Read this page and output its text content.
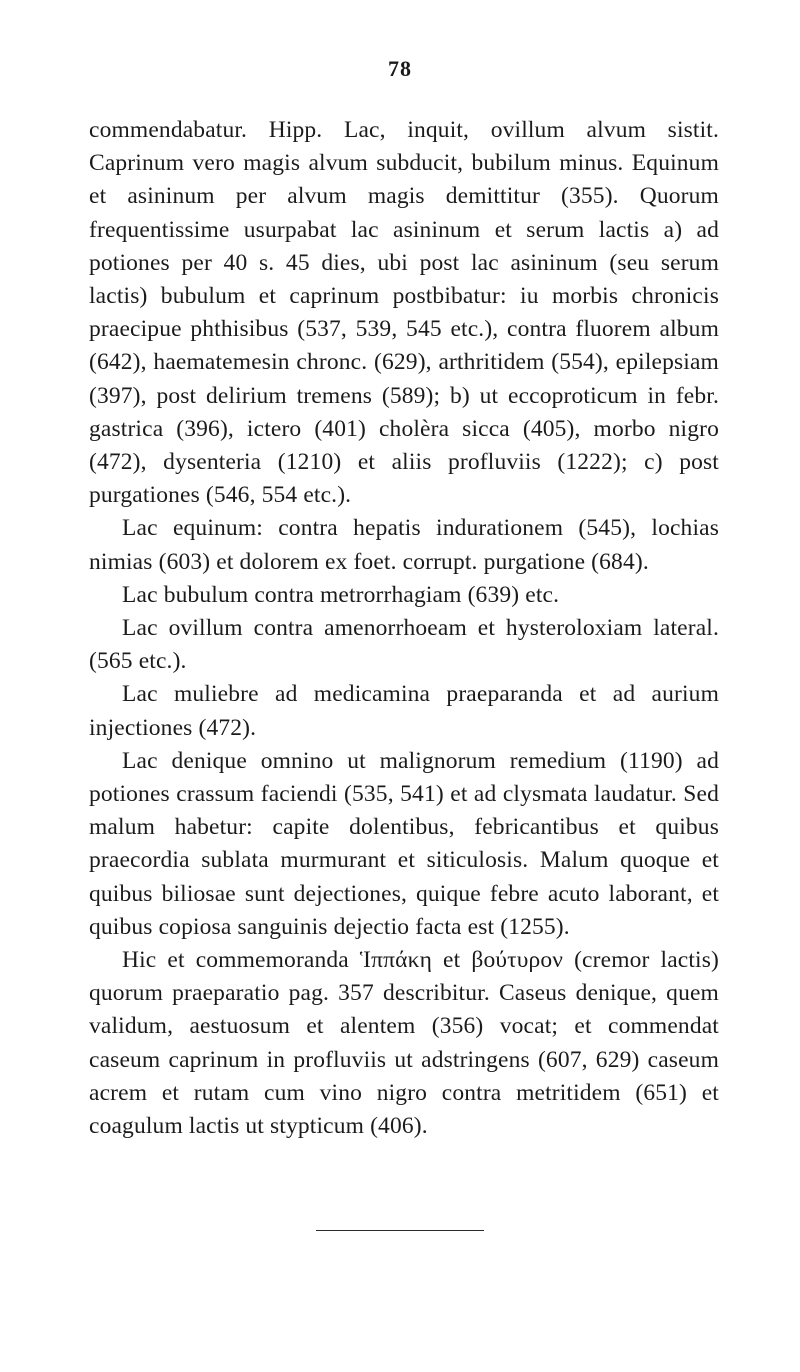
78

commendabatur. Hipp. Lac, inquit, ovillum alvum sistit. Caprinum vero magis alvum subducit, bubilum minus. Equinum et asininum per alvum magis demittitur (355). Quorum frequentissime usurpabat lac asininum et serum lactis a) ad potiones per 40 s. 45 dies, ubi post lac asininum (seu serum lactis) bubulum et caprinum postbibatur: iu morbis chronicis praecipue phthisibus (537, 539, 545 etc.), contra fluorem album (642), haematemesin chronc. (629), arthritidem (554), epilepsiam (397), post delirium tremens (589); b) ut eccoproticum in febr. gastrica (396), ictero (401) cholèra sicca (405), morbo nigro (472), dysenteria (1210) et aliis profluviis (1222); c) post purgationes (546, 554 etc.).

Lac equinum: contra hepatis indurationem (545), lochias nimias (603) et dolorem ex foet. corrupt. purgatione (684).

Lac bubulum contra metrorrhagiam (639) etc.

Lac ovillum contra amenorrhoeam et hysteroloxiam lateral. (565 etc.).

Lac muliebre ad medicamina praeparanda et ad aurium injectiones (472).

Lac denique omnino ut malignorum remedium (1190) ad potiones crassum faciendi (535, 541) et ad clysmata laudatur. Sed malum habetur: capite dolentibus, febricantibus et quibus praecordia sublata murmurant et siticulosis. Malum quoque et quibus biliosae sunt dejectiones, quique febre acuto laborant, et quibus copiosa sanguinis dejectio facta est (1255).

Hic et commemoranda Ἱππάκη et βούτυρον (cremor lactis) quorum praeparatio pag. 357 describitur. Caseus denique, quem validum, aestuosum et alentem (356) vocat; et commendat caseum caprinum in profluviis ut adstringens (607, 629) caseum acrem et rutam cum vino nigro contra metritidem (651) et coagulum lactis ut stypticum (406).
